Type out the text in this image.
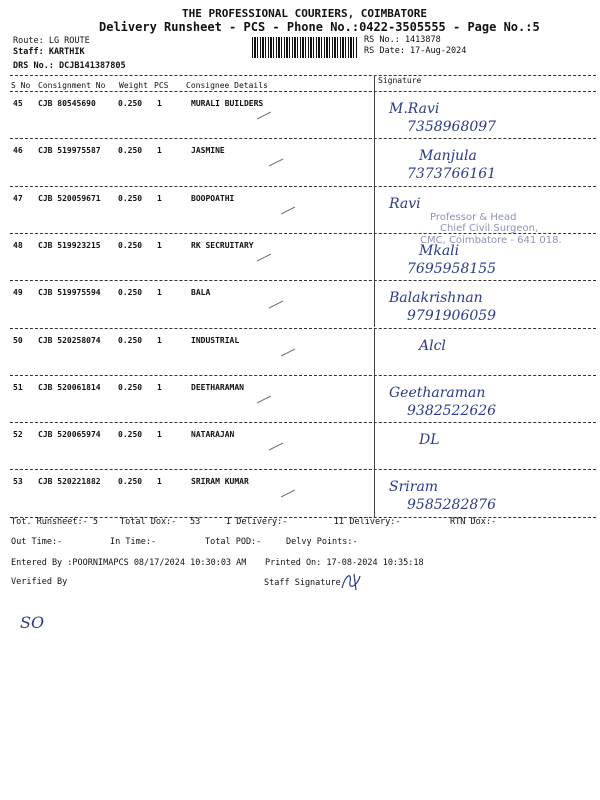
THE PROFESSIONAL COURIERS, COIMBATORE
Delivery Runsheet - PCS - Phone No.:0422-3505555 - Page No.:5
Route: LG ROUTE
Staff: KARTHIK
DRS No.: DCJB141387805
RS No.: 1413878
RS Date: 17-Aug-2024
S No Consignment No Weight PCS Consignee Details
Signature
45 CJB 80545690	0.250 1	MURALI BUILDERS	M.Ravi
7358968097
46 CJB 519975587 0.250 1	JASMINE	Manjula
7373766161
47 CJB 520059671 0.250 1	BOOPOATHI	Ravi
48 CJB 519923215 0.250 1	RK SECRUITARY	Mkali
7695958155
49 CJB 519975594 0.250 1	BALA	Balakrishnan
9791906059
50 CJB 520258074 0.250 1	INDUSTRIAL	Alcl
51 CJB 520061814 0.250 1	DEETHARAMAN	Geetharaman
9382522626
52 CJB 520065974 0.250 1	NATARAJAN	DL
53 CJB 520221882 0.250 1	SRIRAM KUMAR	Sriram
9585282876
Professor & Head
Chief Civil Surgeon,
CMC, Coimbatore - 641 018.
Tot. Runsheet:- 5	Total Dox:- 53	I Delivery:-	II Delivery:-	RTN Dox:-
Out Time:-	In Time:-	Total POD:-	Delvy Points:-
Entered By :POORNIMAPCS 08/17/2024 10:30:03 AM Printed On: 17-08-2024 10:35:18
Verified By	Staff Signature
SO
